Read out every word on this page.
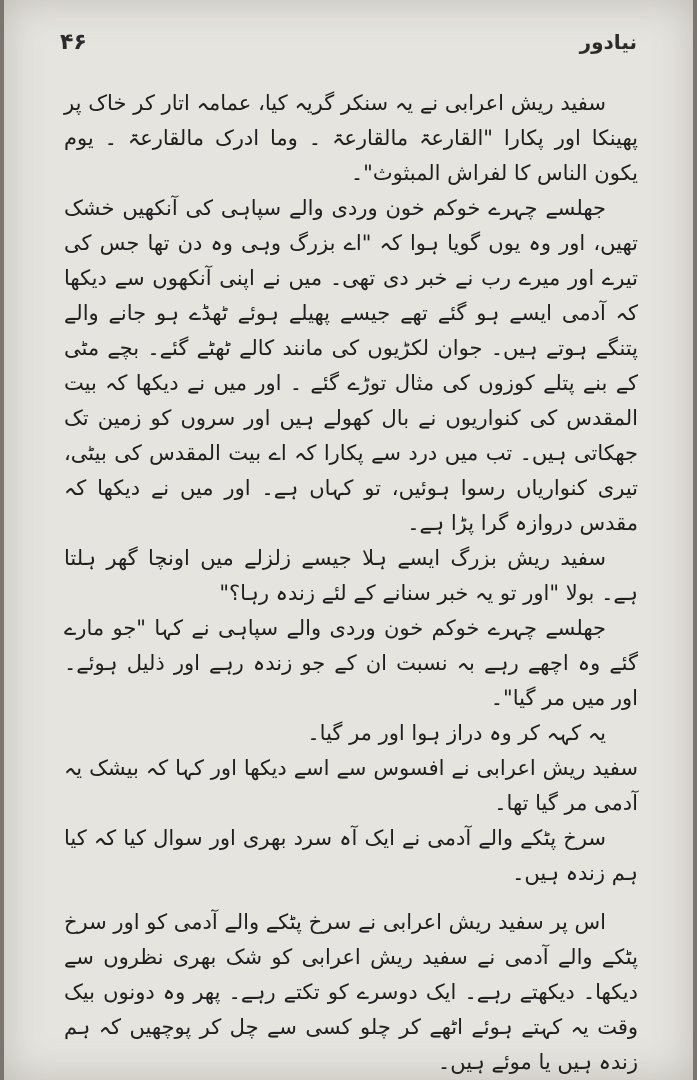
۴۶	نیادور

سفید ریش اعرابی نے یہ سنکر گریہ کیا، عمامہ اتار کر خاک پر پھینکا اور پکارا "القارعۃ مالقارعۃ ۔ وما ادرک مالقارعۃ ۔ یوم یکون الناس کا لفراش المبثوث"۔

جھلسے چہرے خوکم خون وردی والے سپاہی کی آنکھیں خشک تھیں، اور وہ یوں گویا ہوا کہ "اے بزرگ وہی وہ دن تھا جس کی تیرے اور میرے رب نے خبر دی تھی۔ میں نے اپنی آنکھوں سے دیکھا کہ آدمی ایسے ہو گئے تھے جیسے پھیلے ہوئے ٹھڈے ہو جانے والے پتنگے ہوتے ہیں۔ جوان لکڑیوں کی مانند کالے ٹھٹے گئے۔ بچے مٹی کے بنے پتلے کوزوں کی مثال توڑے گئے ۔ اور میں نے دیکھا کہ بیت المقدس کی کنواریوں نے بال کھولے ہیں اور سروں کو زمین تک جھکاتی ہیں۔ تب میں درد سے پکارا کہ اے بیت المقدس کی بیٹی، تیری کنواریاں رسوا ہوئیں، تو کہاں ہے۔ اور میں نے دیکھا کہ مقدس دروازہ گرا پڑا ہے۔

سفید ریش بزرگ ایسے ہلا جیسے زلزلے میں اونچا گھر ہلتا ہے۔ بولا "اور تو یہ خبر سنانے کے لئے زندہ رہا؟"

جھلسے چہرے خوکم خون وردی والے سپاہی نے کہا "جو مارے گئے وہ اچھے رہے بہ نسبت ان کے جو زندہ رہے اور ذلیل ہوئے۔ اور میں مر گیا"۔

یہ کہہ کر وہ دراز ہوا اور مر گیا۔

سفید ریش اعرابی نے افسوس سے اسے دیکھا اور کہا کہ بیشک یہ آدمی مر گیا تھا۔

سرخ پٹکے والے آدمی نے ایک آہ سرد بھری اور سوال کیا کہ کیا ہم زندہ ہیں۔

اس پر سفید ریش اعرابی نے سرخ پٹکے والے آدمی کو اور سرخ پٹکے والے آدمی نے سفید ریش اعرابی کو شک بھری نظروں سے دیکھا۔ دیکھتے رہے۔ ایک دوسرے کو تکتے رہے۔ پھر وہ دونوں بیک وقت یہ کہتے ہوئے اٹھے کر چلو کسی سے چل کر پوچھیں کہ ہم زندہ ہیں یا موئے ہیں۔
